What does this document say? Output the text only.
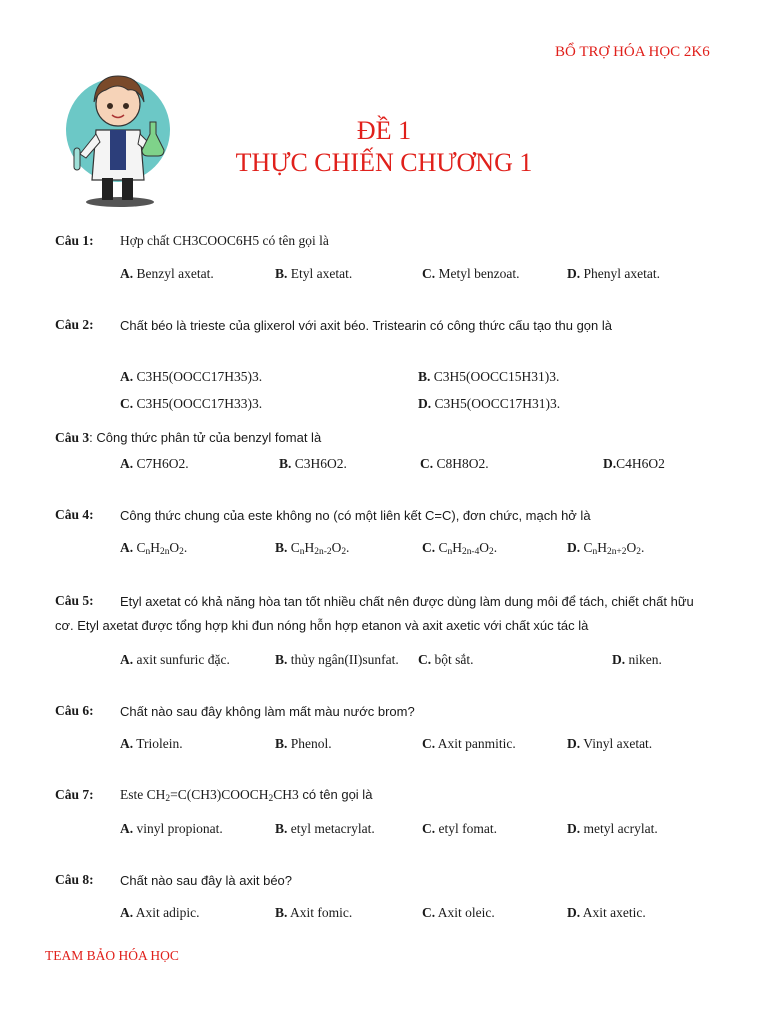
BỔ TRỢ HÓA HỌC 2K6
ĐỀ 1
THỰC CHIẾN CHƯƠNG 1
Câu 1: Hợp chất CH3COOC6H5 có tên gọi là
A. Benzyl axetat.	B. Etyl axetat.	C. Metyl benzoat.	D. Phenyl axetat.
Câu 2: Chất béo là trieste của glixerol với axit béo. Tristearin có công thức cấu tạo thu gọn là
A. C3H5(OOCC17H35)3.	B. C3H5(OOCC15H31)3.
C. C3H5(OOCC17H33)3.	D. C3H5(OOCC17H31)3.
Câu 3: Công thức phân tử của benzyl fomat là
A. C7H6O2.	B. C3H6O2.	C. C8H8O2.	D.C4H6O2
Câu 4: Công thức chung của este không no (có một liên kết C=C), đơn chức, mạch hở là
A. $C_nH_{2n}O_2$.	B. $C_nH_{2n-2}O_2$.	C. $C_nH_{2n-4}O_2$.	D. $C_nH_{2n+2}O_2$.
Câu 5: Etyl axetat có khả năng hòa tan tốt nhiều chất nên được dùng làm dung môi để tách, chiết chất hữu
cơ. Etyl axetat được tổng hợp khi đun nóng hỗn hợp etanon và axit axetic với chất xúc tác là
A. axit sunfuric đặc.	B. thủy ngân(II)sunfat. C. bột sắt.	D. niken.
Câu 6: Chất nào sau đây không làm mất màu nước brom?
A. Triolein.	B. Phenol.	C. Axit panmitic.	D. Vinyl axetat.
Câu 7: Este $CH_2=C(CH3)COOCH_2CH3$ có tên gọi là
A. vinyl propionat.	B. etyl metacrylat.	C. etyl fomat.	D. metyl acrylat.
Câu 8: Chất nào sau đây là axit béo?
A. Axit adipic.	B. Axit fomic.	C. Axit oleic.	D. Axit axetic.
TEAM BẢO HÓA HỌC
